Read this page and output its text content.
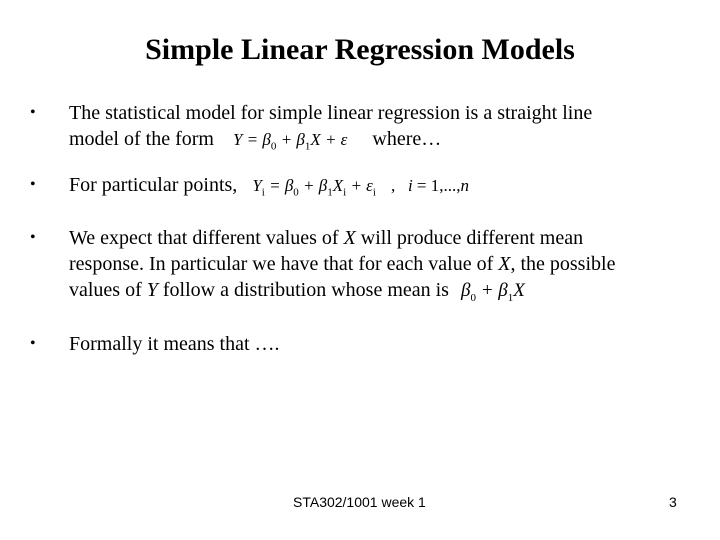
Simple Linear Regression Models
• The statistical model for simple linear regression is a straight line
model of the form $Y = \beta_0 + \beta_1X + \varepsilon$ where…
• For particular points, $Y_i = \beta_0 + \beta_1X_i + \varepsilon_i$ ,   i = 1,...,n
• We expect that different values of X will produce different mean
response. In particular we have that for each value of X, the possible
values of Y follow a distribution whose mean is $\beta_0 + \beta_1X$
• Formally it means that ….
STA302/1001 week 1	3
